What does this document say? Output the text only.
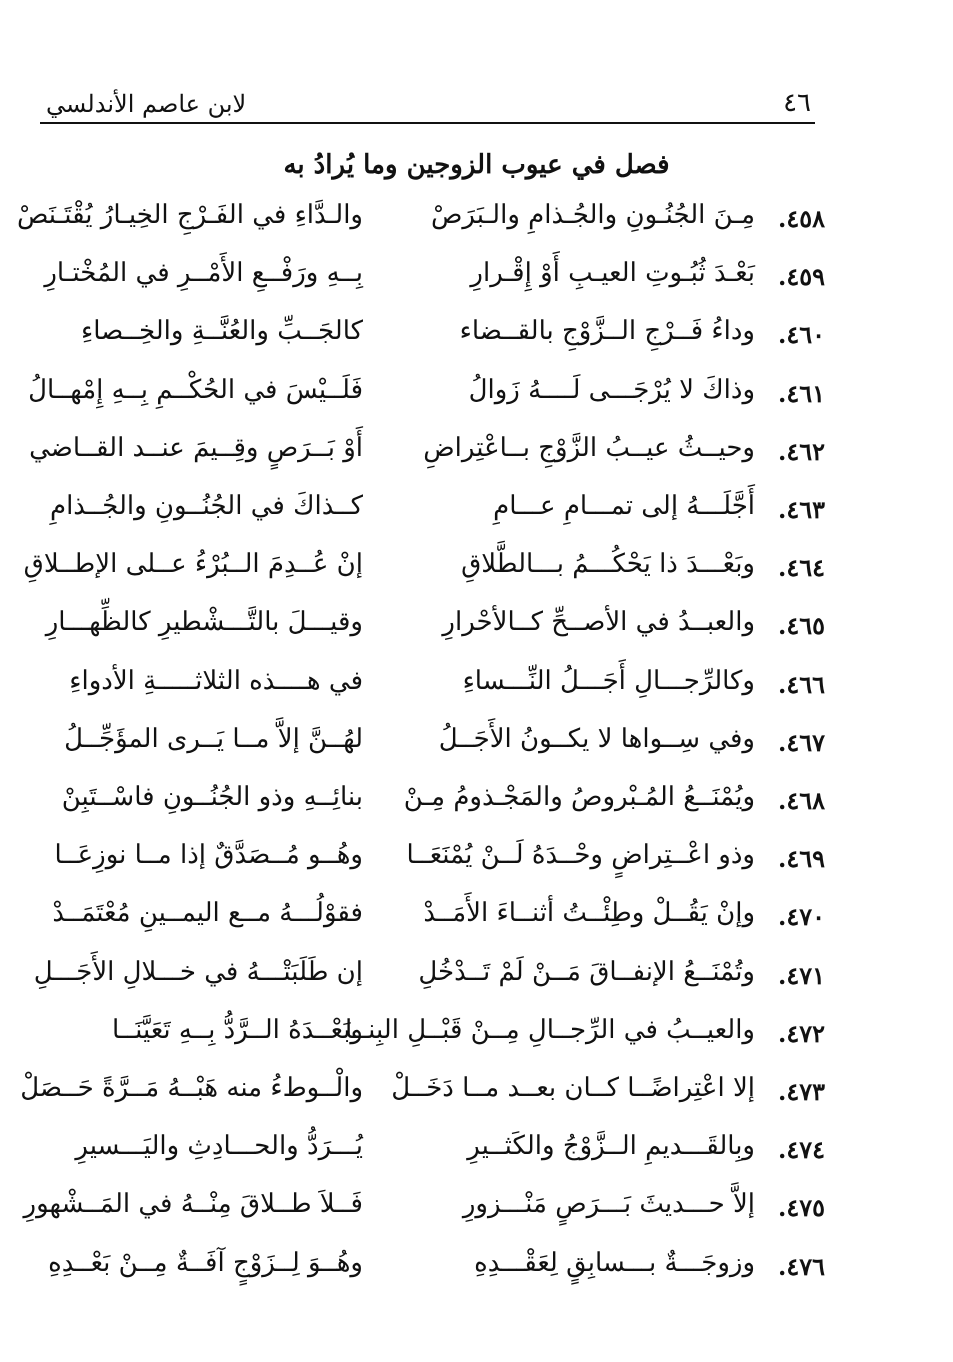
٤٦
لابن عاصم الأندلسي
فصل في عيوب الزوجين وما يُرادُ به
٤٥٨.
مِـنَ الجُنُـونِ والجُـذامِ والـبَرَصْ
والـدَّاءِ في الفَـرْجِ الخِيـارُ يُقْتَـنَصْ
٤٥٩.
بَعْـدَ ثُبُـوتِ العيـبِ أَوْ إِقْـرارِ
بِــهِ ورَفْــعِ الأَمْــرِ في المُخْتـارِ
٤٦٠.
وداءُ فَــرْجِ الــزَّوْجِ بالقــضاء
كالجَــبِّ والعُنَّــةِ والخِــصاءِ
٤٦١.
وذاكَ لا يُرْجَـــى لَــــهُ زَوالُ
فَلَــيْسَ في الحُكْــمِ بِــهِ إِمْهــالُ
٤٦٢.
وحيــثُ عيــبُ الزَّوْجِ بــاعْتِراضِ
أَوْ بَــرَصٍ وقِــيمَ عنــد القــاضي
٤٦٣.
أَجَّلَـــهُ إلى تمـــامِ عـــامِ
كــذاكَ في الجُنُــونِ والجُــذامِ
٤٦٤.
وبَعْـــدَ ذا يَحْكُـــمُ بـــالطَّلاقِ
إنْ عُــدِمَ الــبُرْءُ عــلى الإطــلاقِ
٤٦٥.
والعبــدُ في الأصــحِّ كــالأحْرارِ
وقيـــلَ بالتَّـــشْطيرِ كالظِّهـــارِ
٤٦٦.
وكالرِّجـــالِ أَجَـــلُ النِّـــساءِ
في هــــذه الثلاثـــــةِ الأدواءِ
٤٦٧.
وفي سِــواها لا يكــونُ الأَجَــلُ
لهُــنَّ إلاَّ مــا يَــرى المؤَجِّــلُ
٤٦٨.
ويُمْنَــعُ المُـبْروصُ والمَجْـذومُ مِـنْ
بنائِــهِ وذو الجُنُــونِ فاسْــتَبِنْ
٤٦٩.
وذو اعْــتِراضٍ وحْــدَهُ لَــنْ يُمْنَعَــا
وهُــو مُــصَدَّقٌ إذا مــا نوزِعَــا
٤٧٠.
وإنْ يَقُــلْ وطِئْــتُ أثنــاءَ الأَمَــدْ
فقوْلُـــهُ مــع اليمــينِ مُعْتَمَــدْ
٤٧١.
وتُمْنَــعُ الإنفــاقَ مَــنْ لَمْ تَــدْخُلِ
إن طَلَبَتْـــهُ في خـــلالِ الأَجَـــلِ
٤٧٢.
والعيــبُ في الرِّجــالِ مِــنْ قَبْــلِ البِنــا
وبَعْــدَهُ الــرَّدُّ بِــهِ تَعَيَّنَــا
٤٧٣.
إلا اعْتِراضًــا كــان بعــد مــا دَخَــلْ
والْــوطءُ منه هَبْــهُ مَــرَّةً حَــصَلْ
٤٧٤.
وبِالقَـــديمِ الــزَّوْجُ والكَثــيرِ
يُـــرَدُّ والحـــادِثِ واليَـــسيرِ
٤٧٥.
إلاَّ حـــديثَ بَـــرَصٍ مَنْـــزورِ
فَــلاَ طــلاقَ مِنْــهُ في المَــشْهورِ
٤٧٦.
وزوجَـــةٌ بـــسابِقٍ لِعَقْـــدِهِ
وهُــوَ لِــزَوْجٍ آفَــةٌ مِــنْ بَعْــدِهِ
